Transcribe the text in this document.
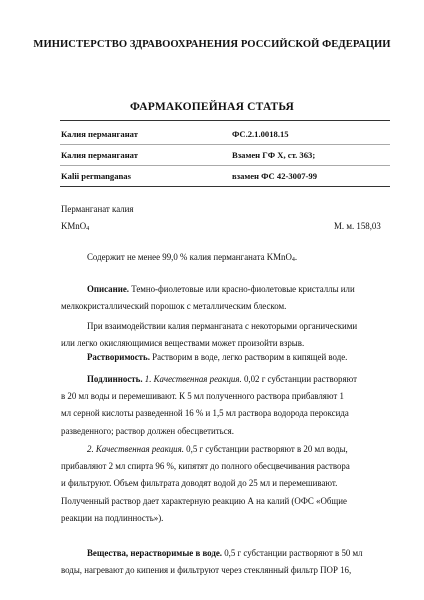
МИНИСТЕРСТВО ЗДРАВООХРАНЕНИЯ РОССИЙСКОЙ ФЕДЕРАЦИИ
ФАРМАКОПЕЙНАЯ СТАТЬЯ
Калия перманганат	ФС.2.1.0018.15
Калия перманганат	Взамен ГФ X, ст. 363;
Kalii permanganas	взамен ФС 42-3007-99
Перманганат калия
KMnO$_4$	М. м. 158,03
Содержит не менее 99,0 % калия перманганата KMnO$_4$.
Описание. Темно-фиолетовые или красно-фиолетовые кристаллы или
мелкокристаллический порошок с металлическим блеском.
При взаимодействии калия перманганата с некоторыми органическими
или легко окисляющимися веществами может произойти взрыв.
Растворимость. Растворим в воде, легко растворим в кипящей воде.
Подлинность. 1. Качественная реакция. 0,02 г субстанции растворяют
в 20 мл воды и перемешивают. К 5 мл полученного раствора прибавляют 1
мл серной кислоты разведенной 16 % и 1,5 мл раствора водорода пероксида
разведенного; раствор должен обесцветиться.
2. Качественная реакция. 0,5 г субстанции растворяют в 20 мл воды,
прибавляют 2 мл спирта 96 %, кипятят до полного обесцвечивания раствора
и фильтруют. Объем фильтрата доводят водой до 25 мл и перемешивают.
Полученный раствор дает характерную реакцию А на калий (ОФС «Общие
реакции на подлинность»).
Вещества, нерастворимые в воде. 0,5 г субстанции растворяют в 50 мл
воды, нагревают до кипения и фильтруют через стеклянный фильтр ПОР 16,
